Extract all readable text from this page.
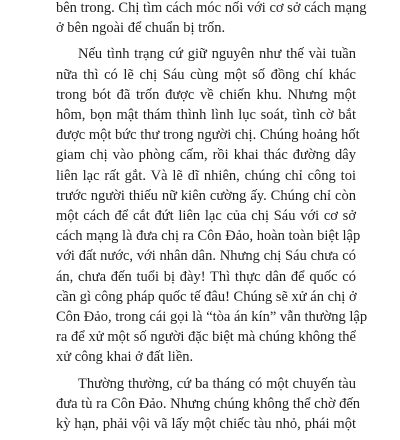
bên trong. Chị tìm cách móc nối với cơ sở cách mạng
ở bên ngoài để chuẩn bị trốn.

Nếu tình trạng cứ giữ nguyên như thế vài tuần
nữa thì có lẽ chị Sáu cùng một số đồng chí khác
trong bót đã trốn được về chiến khu. Nhưng một
hôm, bọn mật thám thình lình lục soát, tình cờ bắt
được một bức thư trong người chị. Chúng hoảng hốt
giam chị vào phòng cấm, rồi khai thác đường dây
liên lạc rất gắt. Và lẽ dĩ nhiên, chúng chỉ công toi
trước người thiếu nữ kiên cường ấy. Chúng chỉ còn
một cách để cắt đứt liên lạc của chị Sáu với cơ sở
cách mạng là đưa chị ra Côn Đảo, hoàn toàn biệt lập
với đất nước, với nhân dân. Nhưng chị Sáu chưa có
án, chưa đến tuổi bị đày! Thì thực dân để quốc có
cần gì công pháp quốc tế đâu! Chúng sẽ xử án chị ở
Côn Đảo, trong cái gọi là “tòa án kín” vẫn thường lập
ra để xử một số người đặc biệt mà chúng không thể
xử công khai ở đất liền.

Thường thường, cứ ba tháng có một chuyến tàu
đưa tù ra Côn Đảo. Nhưng chúng không thể chờ đến
kỳ hạn, phải vội vã lấy một chiếc tàu nhỏ, phái một
